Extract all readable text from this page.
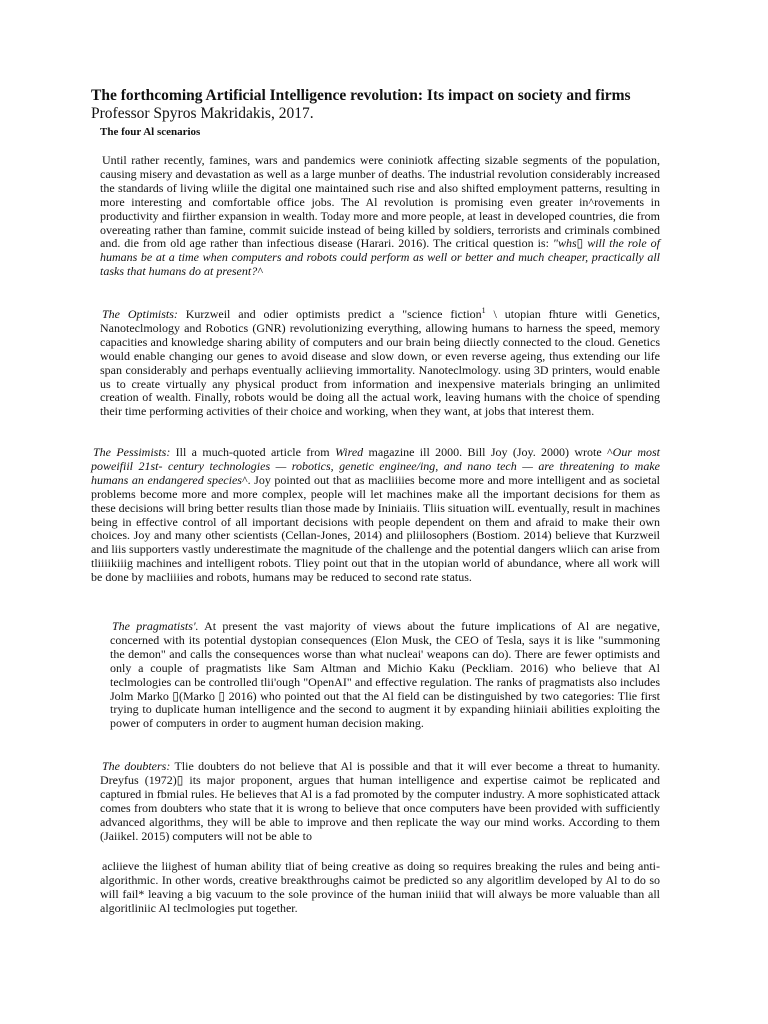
The forthcoming Artificial Intelligence revolution: Its impact on society and firms
Professor Spyros Makridakis, 2017.
The four Al scenarios

Until rather recently, famines, wars and pandemics were coniniotk affecting sizable segments of the population, causing misery and devastation as well as a large munber of deaths. The industrial revolution considerably increased the standards of living wliile the digital one maintained such rise and also shifted employment patterns, resulting in more interesting and comfortable office jobs. The Al revolution is promising even greater in^rovements in productivity and fiirther expansion in wealth. Today more and more people, at least in developed countries, die from overeating rather than famine, commit suicide instead of being killed by soldiers, terrorists and criminals combined and. die from old age rather than infectious disease (Harari. 2016). The critical question is: "whs▯ will the role of humans be at a time when computers and robots could perform as well or better and much cheaper, practically all tasks that humans do at present?^

The Optimists: Kurzweil and odier optimists predict a "science fiction$^1$ \ utopian fhture witli Genetics, Nanoteclmology and Robotics (GNR) revolutionizing everything, allowing humans to harness the speed, memory capacities and knowledge sharing ability of computers and our brain being diiectly connected to the cloud. Genetics would enable changing our genes to avoid disease and slow down, or even reverse ageing, thus extending our life span considerably and perhaps eventually acliieving immortality. Nanoteclmology. using 3D printers, would enable us to create virtually any physical product from information and inexpensive materials bringing an unlimited creation of wealth. Finally, robots would be doing all the actual work, leaving humans with the choice of spending their time performing activities of their choice and working, when they want, at jobs that interest them.

The Pessimists: Ill a much-quoted article from Wired magazine ill 2000. Bill Joy (Joy. 2000) wrote ^Our most poweifiil 21st- century technologies — robotics, genetic enginee/ing, and nano tech — are threatening to make humans an endangered species^. Joy pointed out that as macliiiies become more and more intelligent and as societal problems become more and more complex, people will let machines make all the important decisions for them as these decisions will bring better results tlian those made by Ininiaiis. Tliis situation wilL eventually, result in machines being in effective control of all important decisions with people dependent on them and afraid to make their own choices. Joy and many other scientists (Cellan-Jones, 2014) and pliilosophers (Bostiom. 2014) believe that Kurzweil and liis supporters vastly underestimate the magnitude of the challenge and the potential dangers wliich can arise from tliiiikiiig machines and intelligent robots. Tliey point out that in the utopian world of abundance, where all work will be done by macliiiies and robots, humans may be reduced to second rate status.

The pragmatists'. At present the vast majority of views about the future implications of Al are negative, concerned with its potential dystopian consequences (Elon Musk, the CEO of Tesla, says it is like "summoning the demon" and calls the consequences worse than what nucleai' weapons can do). There are fewer optimists and only a couple of pragmatists like Sam Altman and Michio Kaku (Peckliam. 2016) who believe that Al teclmologies can be controlled tlii'ough "OpenAI" and effective regulation. The ranks of pragmatists also includes Jolm Marko ▯(Marko ▯ 2016) who pointed out that the Al field can be distinguished by two categories: Tlie first trying to duplicate human intelligence and the second to augment it by expanding hiiniaii abilities exploiting the power of computers in order to augment human decision making.

The doubters: Tlie doubters do not believe that Al is possible and that it will ever become a threat to humanity. Dreyfus (1972)▯ its major proponent, argues that human intelligence and expertise caimot be replicated and captured in fbmial rules. He believes that Al is a fad promoted by the computer industry. A more sophisticated attack comes from doubters who state that it is wrong to believe that once computers have been provided with sufficiently advanced algorithms, they will be able to improve and then replicate the way our mind works. According to them (Jaiikel. 2015) computers will not be able to

acliieve the liighest of human ability tliat of being creative as doing so requires breaking the rules and being anti-algorithmic. In other words, creative breakthroughs caimot be predicted so any algoritlim developed by Al to do so will fail* leaving a big vacuum to the sole province of the human iniiid that will always be more valuable than all algoritliniic Al teclmologies put together.
